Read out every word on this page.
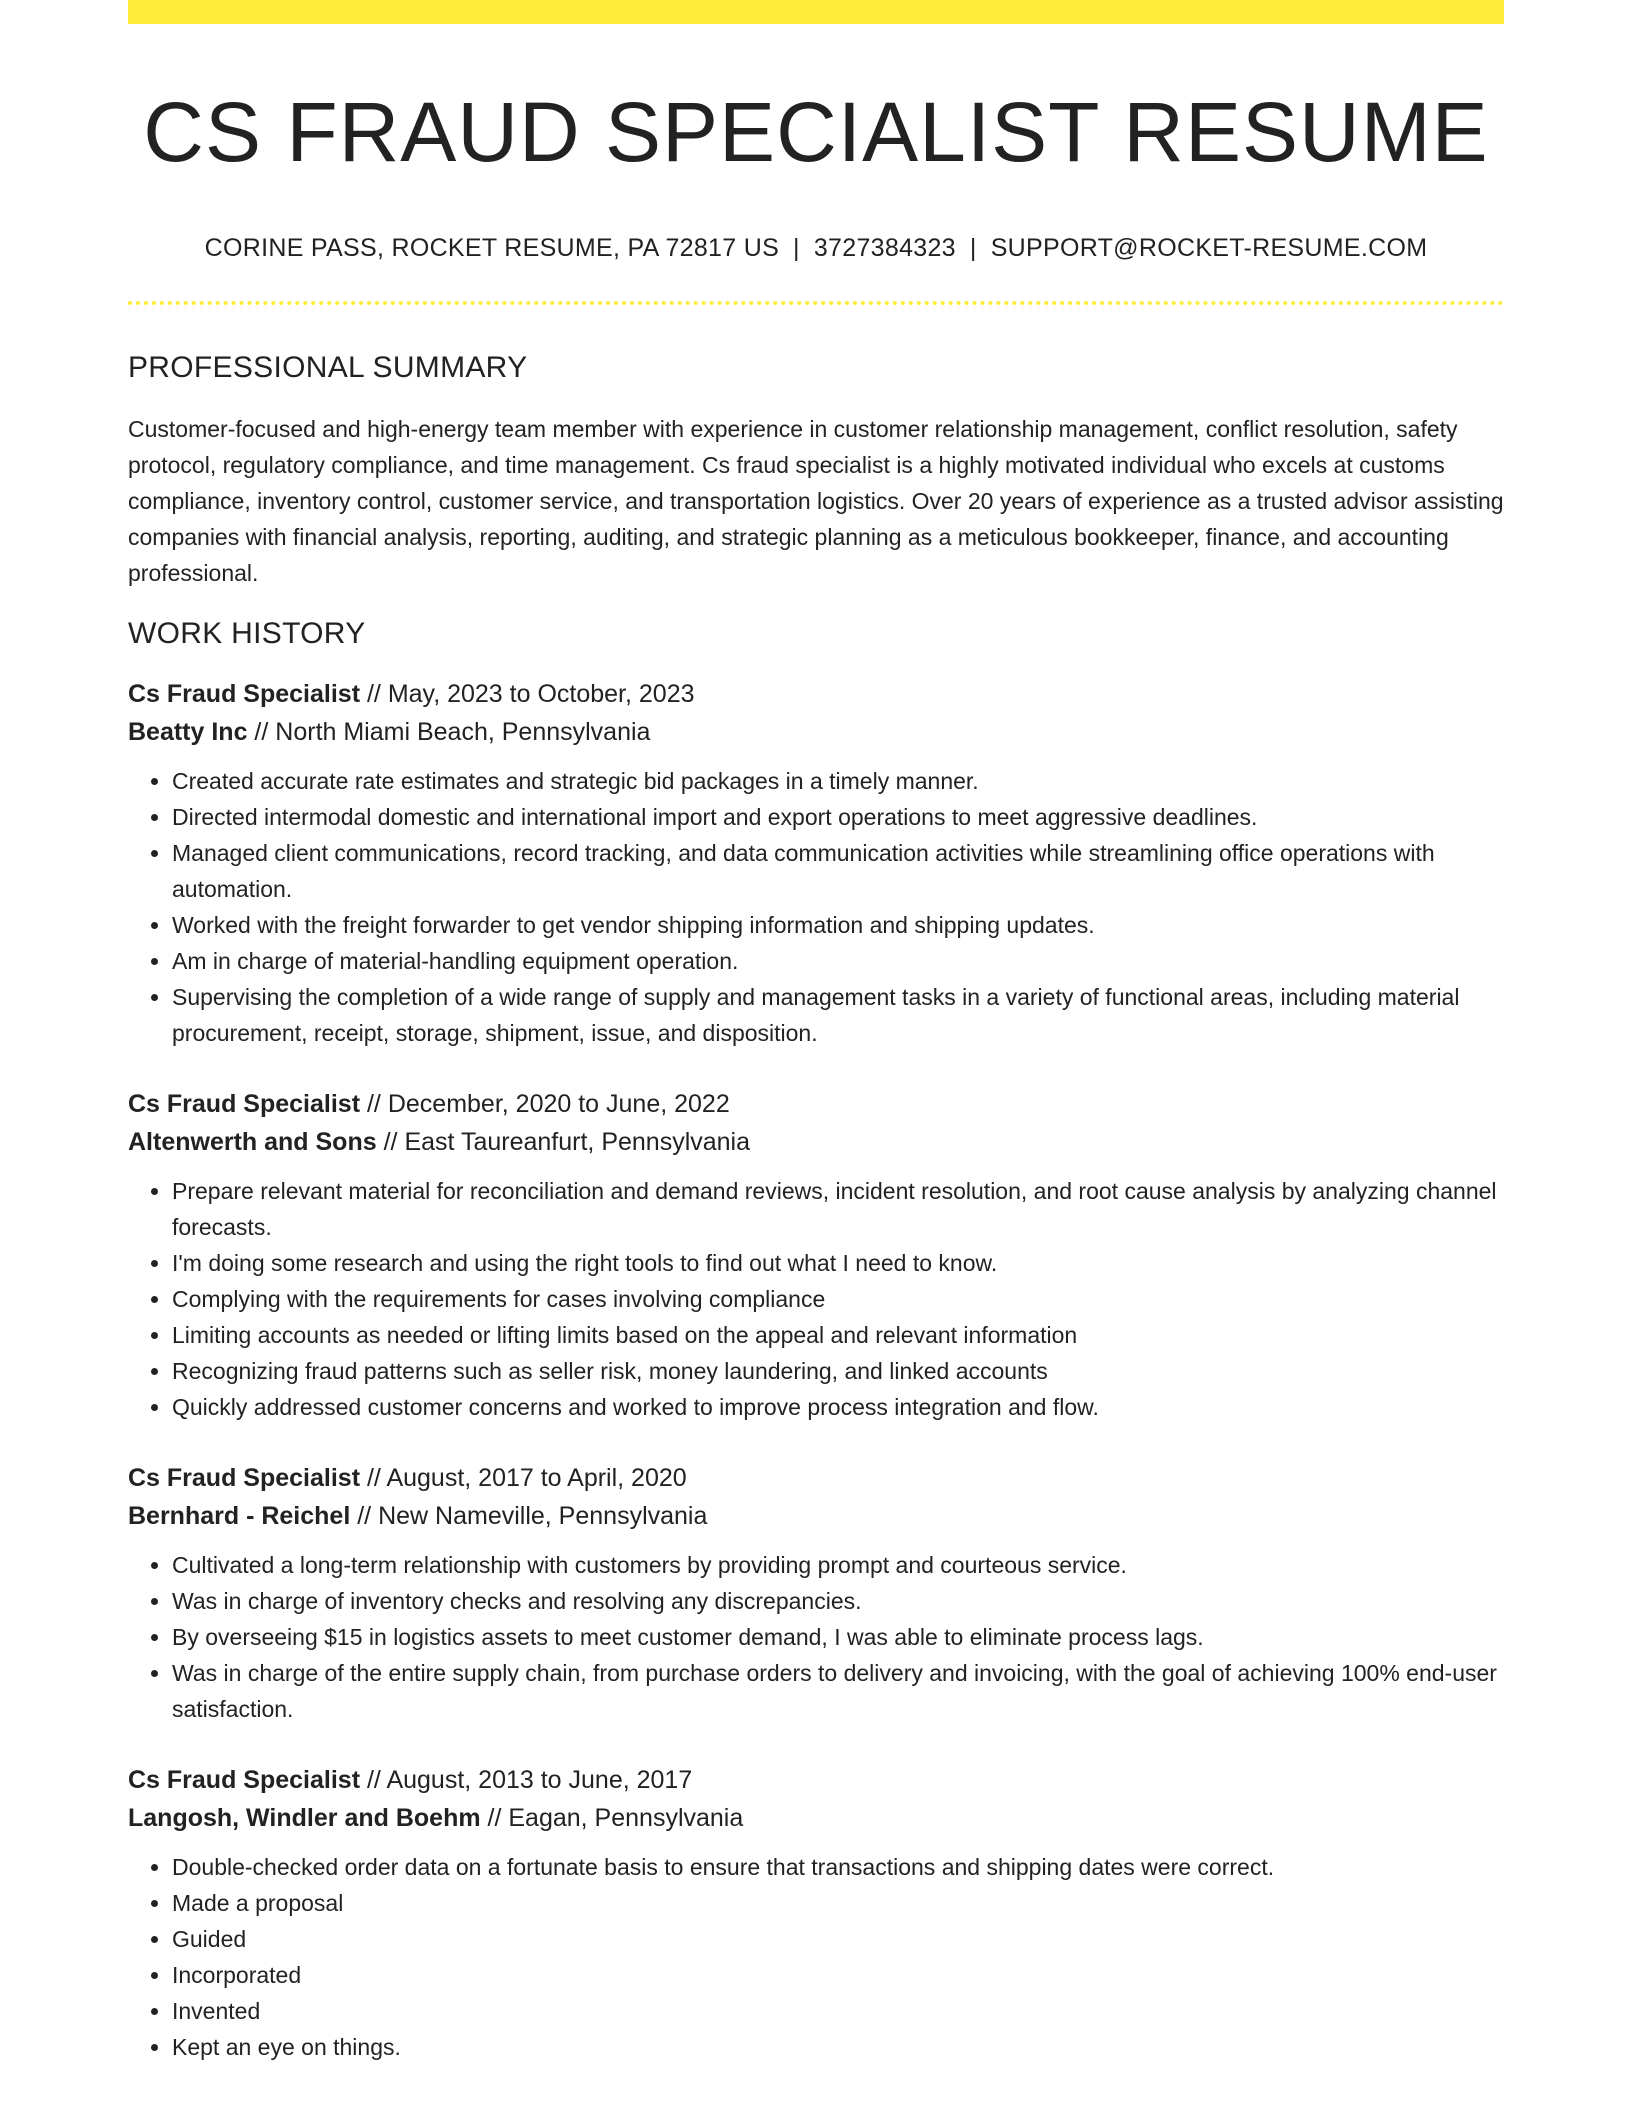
CS FRAUD SPECIALIST RESUME
CORINE PASS, ROCKET RESUME, PA 72817 US | 3727384323 | SUPPORT@ROCKET-RESUME.COM
PROFESSIONAL SUMMARY

Customer-focused and high-energy team member with experience in customer relationship management, conflict resolution, safety protocol, regulatory compliance, and time management. Cs fraud specialist is a highly motivated individual who excels at customs compliance, inventory control, customer service, and transportation logistics. Over 20 years of experience as a trusted advisor assisting companies with financial analysis, reporting, auditing, and strategic planning as a meticulous bookkeeper, finance, and accounting professional.

WORK HISTORY
Cs Fraud Specialist // May, 2023 to October, 2023
Beatty Inc // North Miami Beach, Pennsylvania
• Created accurate rate estimates and strategic bid packages in a timely manner.
• Directed intermodal domestic and international import and export operations to meet aggressive deadlines.
• Managed client communications, record tracking, and data communication activities while streamlining office operations with automation.
• Worked with the freight forwarder to get vendor shipping information and shipping updates.
• Am in charge of material-handling equipment operation.
• Supervising the completion of a wide range of supply and management tasks in a variety of functional areas, including material procurement, receipt, storage, shipment, issue, and disposition.
Cs Fraud Specialist // December, 2020 to June, 2022
Altenwerth and Sons // East Taureanfurt, Pennsylvania
• Prepare relevant material for reconciliation and demand reviews, incident resolution, and root cause analysis by analyzing channel forecasts.
• I'm doing some research and using the right tools to find out what I need to know.
• Complying with the requirements for cases involving compliance
• Limiting accounts as needed or lifting limits based on the appeal and relevant information
• Recognizing fraud patterns such as seller risk, money laundering, and linked accounts
• Quickly addressed customer concerns and worked to improve process integration and flow.
Cs Fraud Specialist // August, 2017 to April, 2020
Bernhard - Reichel // New Nameville, Pennsylvania
• Cultivated a long-term relationship with customers by providing prompt and courteous service.
• Was in charge of inventory checks and resolving any discrepancies.
• By overseeing $15 in logistics assets to meet customer demand, I was able to eliminate process lags.
• Was in charge of the entire supply chain, from purchase orders to delivery and invoicing, with the goal of achieving 100% end-user satisfaction.
Cs Fraud Specialist // August, 2013 to June, 2017
Langosh, Windler and Boehm // Eagan, Pennsylvania
• Double-checked order data on a fortunate basis to ensure that transactions and shipping dates were correct.
• Made a proposal
• Guided
• Incorporated
• Invented
• Kept an eye on things.
